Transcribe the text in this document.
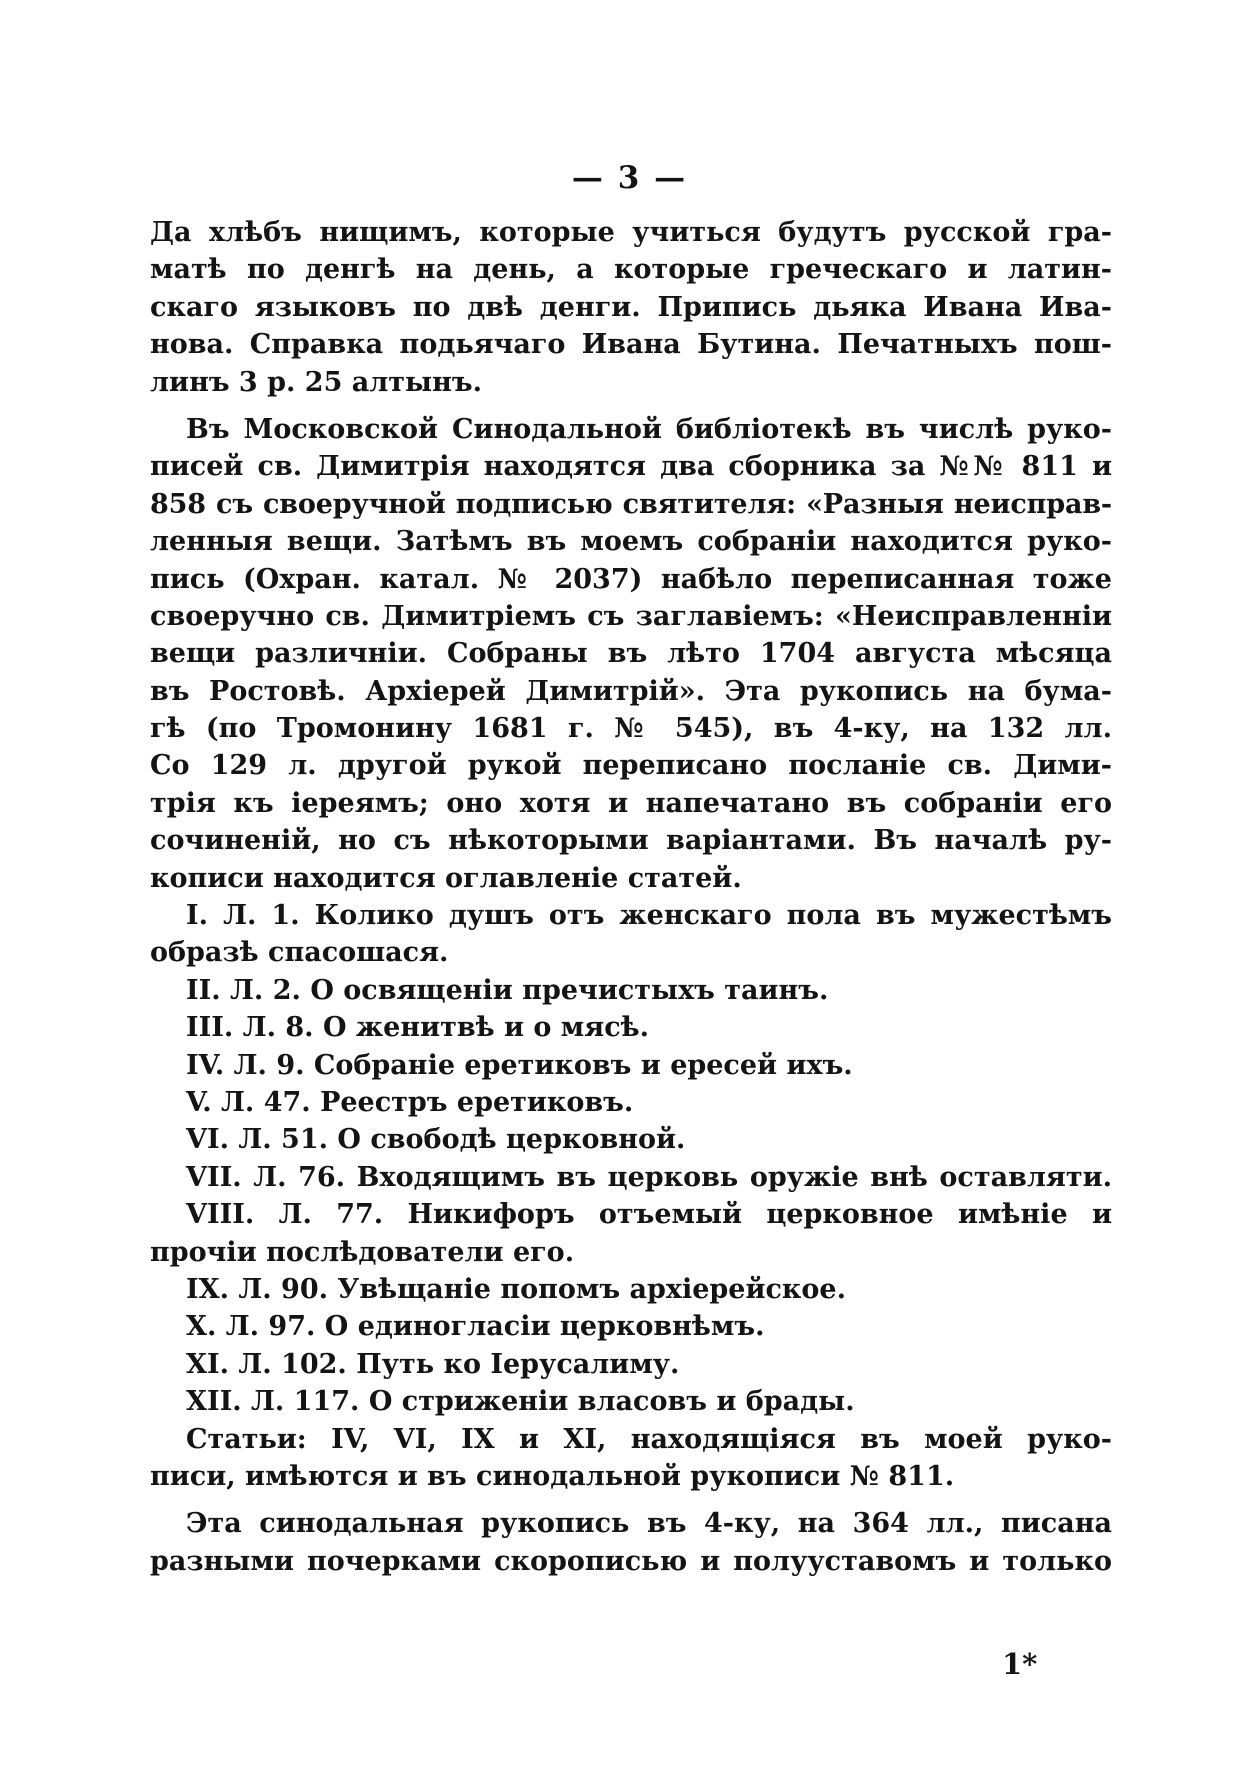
— 3 —
Да хлѣбъ нищимъ, которые учиться будутъ русской гра-
матѣ по денгѣ на день, а которые греческаго и латин-
скаго языковъ по двѣ денги. Припись дьяка Ивана Ива-
нова. Справка подьячаго Ивана Бутина. Печатныхъ пош-
линъ 3 р. 25 алтынъ.
Въ Московской Синодальной библіотекѣ въ числѣ руко-
писей св. Димитрія находятся два сборника за №№ 811 и
858 съ своеручной подписью святителя: «Разныя неиспрaв-
ленныя вещи. Затѣмъ въ моемъ собраніи находится руко-
пись (Охран. катал. № 2037) набѣло переписанная тоже
своеручно св. Димитріемъ съ заглавіемъ: «Неисправленніи
вещи различніи. Собраны въ лѣто 1704 августа мѣсяца
въ Ростовѣ. Архіерей Димитрій». Эта рукопись на бума-
гѣ (по Тромонину 1681 г. № 545), въ 4-ку, на 132 лл.
Со 129 л. другой рукой переписано посланіе св. Дими-
трія къ іереямъ; оно хотя и напечатано въ собраніи его
сочиненій, но съ нѣкоторыми варіантами. Въ началѣ ру-
кописи находится оглавленіе статей.
I. Л. 1. Колико душъ отъ женскаго пола въ мужестѣмъ
образѣ спасошася.
II. Л. 2. О освященіи пречистыхъ таинъ.
III. Л. 8. О женитвѣ и о мясѣ.
IV. Л. 9. Собраніе еретиковъ и ересей ихъ.
V. Л. 47. Реестръ еретиковъ.
VI. Л. 51. О свободѣ церковной.
VII. Л. 76. Входящимъ въ церковь оружіе внѣ оставляти.
VIII. Л. 77. Никифоръ отъемый церковное имѣніе и
прочіи послѣдователи его.
IX. Л. 90. Увѣщаніе попомъ архіерейское.
X. Л. 97. О единогласіи церковнѣмъ.
XI. Л. 102. Путь ко Іерусалиму.
XII. Л. 117. О стриженіи власовъ и брады.
Статьи: IV, VI, IX и XI, находящіяся въ моей руко-
писи, имѣются и въ синодальной рукописи № 811.
Эта синодальная рукопись въ 4-ку, на 364 лл., писана
разными почерками скорописью и полууставомъ и только
1*
